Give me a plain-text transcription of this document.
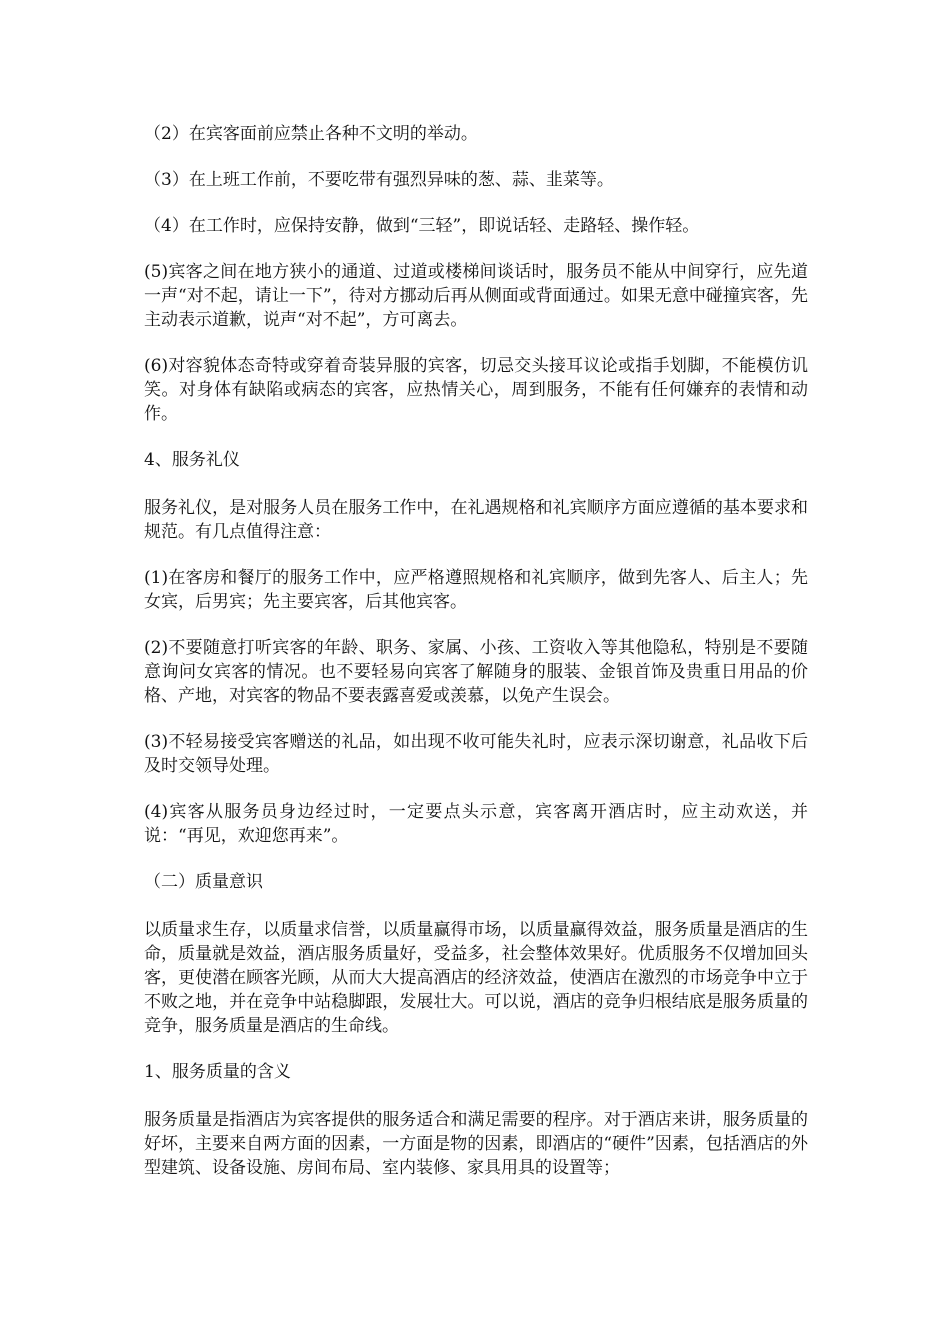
（2）在宾客面前应禁止各种不文明的举动。

（3）在上班工作前，不要吃带有强烈异味的葱、蒜、韭菜等。

（4）在工作时，应保持安静，做到“三轻”，即说话轻、走路轻、操作轻。

(5)宾客之间在地方狭小的通道、过道或楼梯间谈话时，服务员不能从中间穿行，应先道一声“对不起，请让一下”，待对方挪动后再从侧面或背面通过。如果无意中碰撞宾客，先主动表示道歉，说声“对不起”，方可离去。

(6)对容貌体态奇特或穿着奇装异服的宾客，切忌交头接耳议论或指手划脚，不能模仿讥笑。对身体有缺陷或病态的宾客，应热情关心，周到服务，不能有任何嫌弃的表情和动作。

4、服务礼仪

服务礼仪，是对服务人员在服务工作中，在礼遇规格和礼宾顺序方面应遵循的基本要求和规范。有几点值得注意：

(1)在客房和餐厅的服务工作中，应严格遵照规格和礼宾顺序，做到先客人、后主人；先女宾，后男宾；先主要宾客，后其他宾客。

(2)不要随意打听宾客的年龄、职务、家属、小孩、工资收入等其他隐私，特别是不要随意询问女宾客的情况。也不要轻易向宾客了解随身的服装、金银首饰及贵重日用品的价格、产地，对宾客的物品不要表露喜爱或羡慕，以免产生误会。

(3)不轻易接受宾客赠送的礼品，如出现不收可能失礼时，应表示深切谢意，礼品收下后及时交领导处理。

(4)宾客从服务员身边经过时，一定要点头示意，宾客离开酒店时，应主动欢送，并说：“再见，欢迎您再来”。

（二）质量意识

以质量求生存，以质量求信誉，以质量赢得市场，以质量赢得效益，服务质量是酒店的生命，质量就是效益，酒店服务质量好，受益多，社会整体效果好。优质服务不仅增加回头客，更使潜在顾客光顾，从而大大提高酒店的经济效益，使酒店在激烈的市场竞争中立于不败之地，并在竞争中站稳脚跟，发展壮大。可以说，酒店的竞争归根结底是服务质量的竞争，服务质量是酒店的生命线。

1、服务质量的含义

服务质量是指酒店为宾客提供的服务适合和满足需要的程序。对于酒店来讲，服务质量的好坏，主要来自两方面的因素，一方面是物的因素，即酒店的“硬件”因素，包括酒店的外型建筑、设备设施、房间布局、室内装修、家具用具的设置等；
